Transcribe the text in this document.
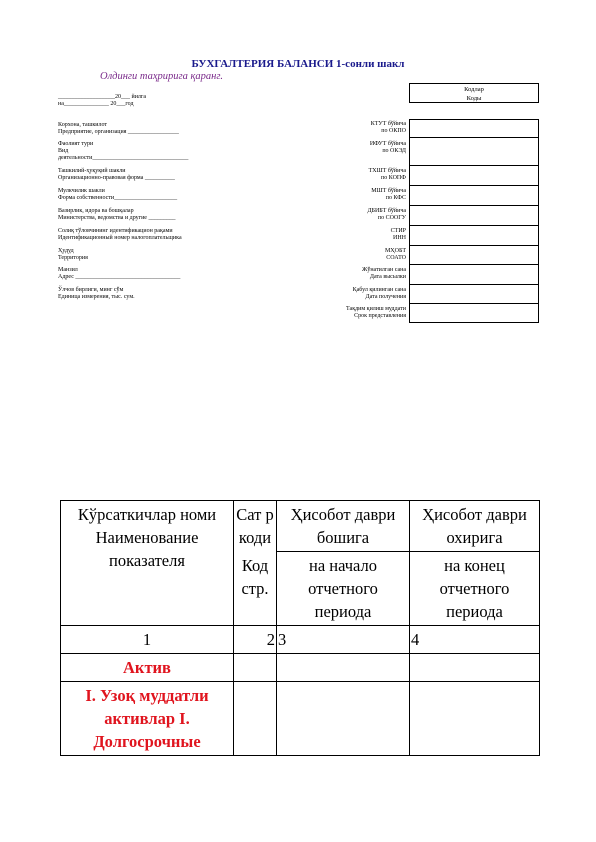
БУХГАЛТЕРИЯ БАЛАНСИ 1-сонли шакл
Олдинги таҳририга қаранг.
Кодлар
Коды
___________________20___ йилга
на_______________ 20___год
Корхона, ташкилот
Предприятие, организация _________________
Фаолият тури
Вид
деятельности________________________________
Ташкилий-ҳуқуқий шакли
Организационно-правовая форма __________
Мулкчилик шакли
Форма собственности_____________________
Вазирлик, идора ва бошқалар
Министерства, ведомства и другие _________
Солиқ тўловчининг идентификацион рақами
Идентификационный номер налогоплательщика
Ҳудуд
Территория
Манзил
Адрес ___________________________________
Ўлчов бирлиги, минг сўм
Единица измерения, тыс. сум.
КТУТ бўйича
по ОКПО
ИФУТ бўйича
по ОКЭД
ТХШТ бўйича
по КОПФ
МШТ бўйича
по КФС
ДБИБТ бўйича
по СООГУ
СТИР
ИНН
МҲОБТ
СОАТО
Жўнатилган сана
Дата высылки
Қабул қилинган сана
Дата получения
Тақдим қилиш муддати
Срок представления
Кўрсаткичлар номи Наименование показателя	Сат р коди	Ҳисобот даври бошига	Ҳисобот даври охирига
	Код стр.	на начало отчетного периода	на конец отчетного периода
1	2	3	4
Актив			
I. Узоқ муддатли активлар I. Долгосрочные			
